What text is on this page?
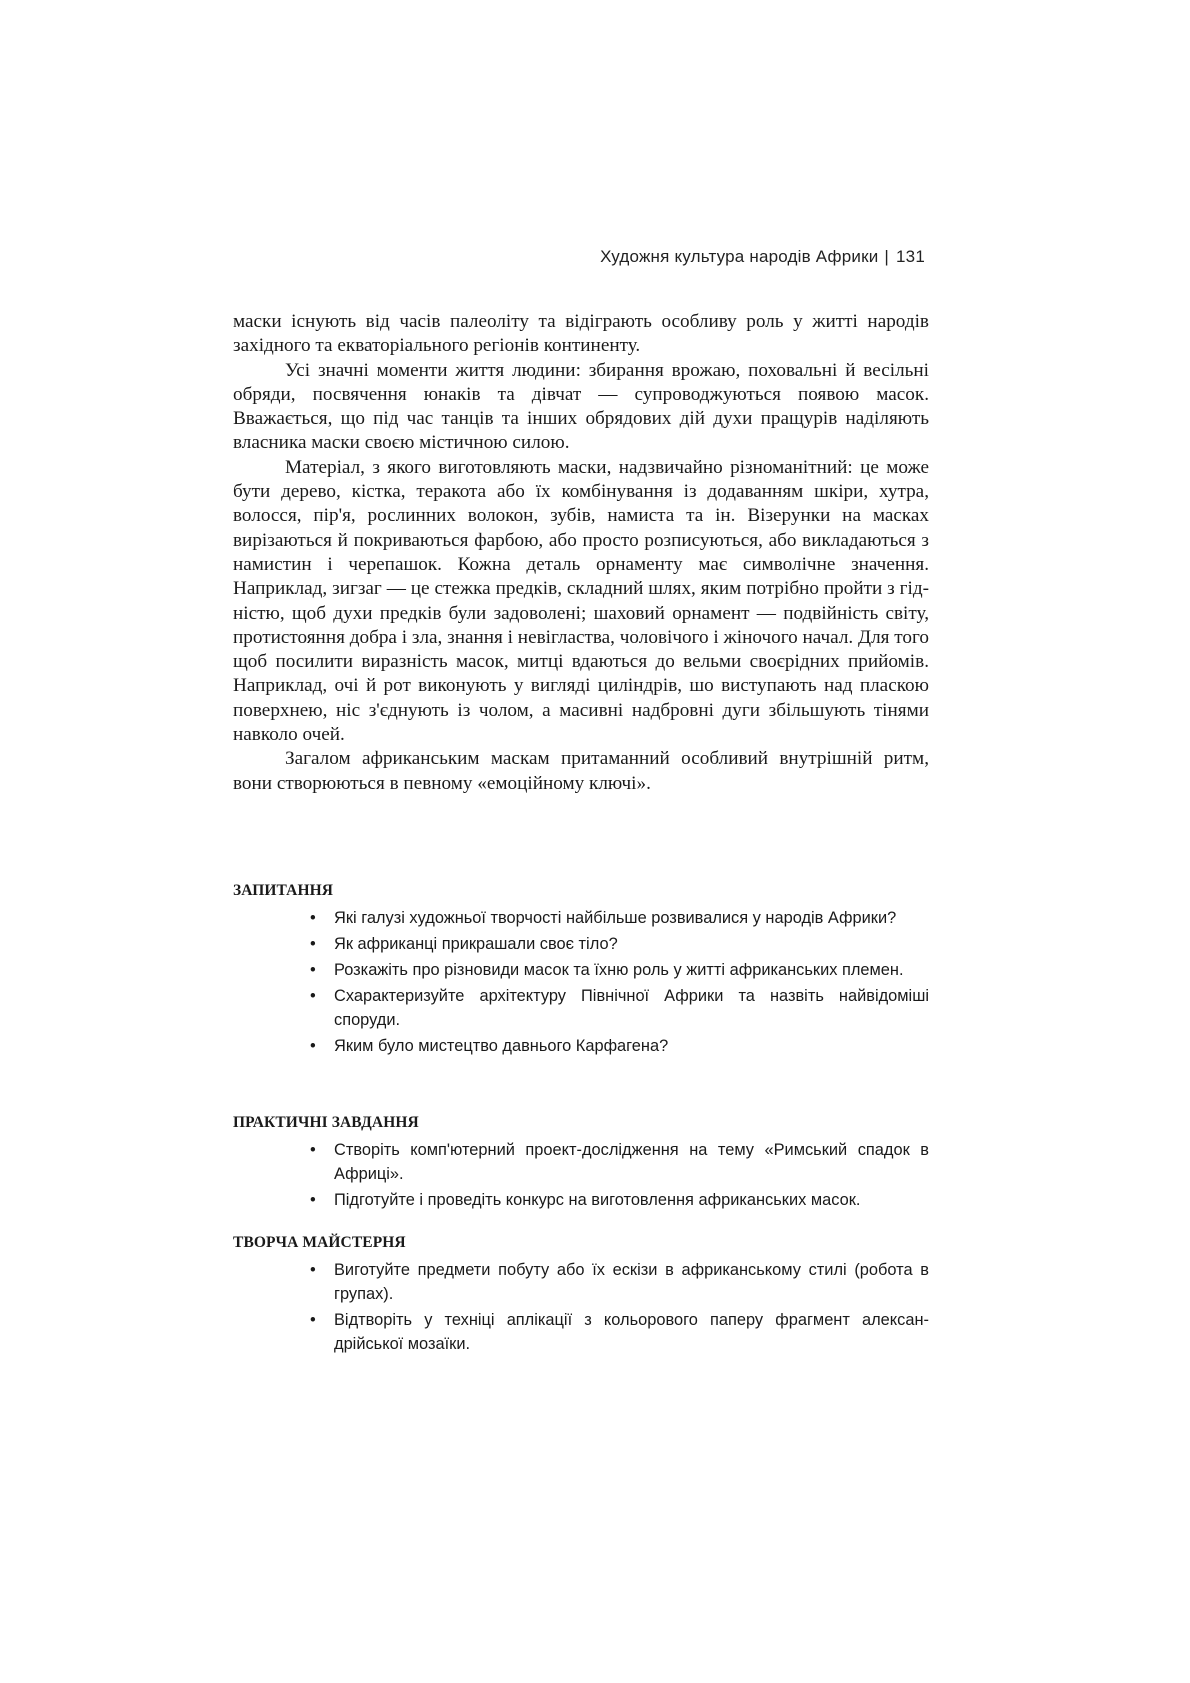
Художня культура народів Африки | 131

маски існують від часів палеоліту та відіграють особливу роль у житті народів західного та екваторіального регіонів континенту.

Усі значні моменти життя людини: збирання врожаю, поховальні й весільні обряди, посвячення юнаків та дівчат — супроводжуються появою масок. Вважається, що під час танців та інших обрядових дій духи пращурів наділяють власника маски своєю містичною силою.

Матеріал, з якого виготовляють маски, надзвичайно різноманітний: це може бути дерево, кістка, теракота або їх комбінування із додаванням шкіри, хутра, волосся, пір'я, рослинних волокон, зубів, намиста та ін. Візерунки на масках вирізаються й покриваються фарбою, або просто розписуються, або викладаються з намистин і черепашок. Кожна деталь орнаменту має символічне значення. Наприклад, зигзаг — це стежка предків, складний шлях, яким потрібно пройти з гідністю, щоб духи предків були задоволені; шаховий орнамент — подвійність світу, протистояння добра і зла, знання і невігластва, чоловічого і жіночого начал. Для того щоб посилити виразність масок, митці вдаються до вельми своєрідних прийомів. Наприклад, очі й рот виконують у вигляді циліндрів, шо виступають над пласкою поверхнею, ніс з'єднують із чолом, а масивні надбровні дуги збільшують тінями навколо очей.

Загалом африканським маскам притаманний особливий внутрішній ритм, вони створюються в певному «емоційному ключі».

ЗАПИТАННЯ
• Які галузі художньої творчості найбільше розвивалися у народів Африки?
• Як африканці прикрашали своє тіло?
• Розкажіть про різновиди масок та їхню роль у житті африканських племен.
• Схарактеризуйте архітектуру Північної Африки та назвіть найвідоміші споруди.
• Яким було мистецтво давнього Карфагена?
ПРАКТИЧНІ ЗАВДАННЯ
• Створіть комп'ютерний проект-дослідження на тему «Римський спадок в Африці».
• Підготуйте і проведіть конкурс на виготовлення африканських масок.
ТВОРЧА МАЙСТЕРНЯ
• Виготуйте предмети побуту або їх ескізи в африканському стилі (робота в групах).
• Відтворіть у техніці аплікації з кольорового паперу фрагмент александрійської мозаїки.
